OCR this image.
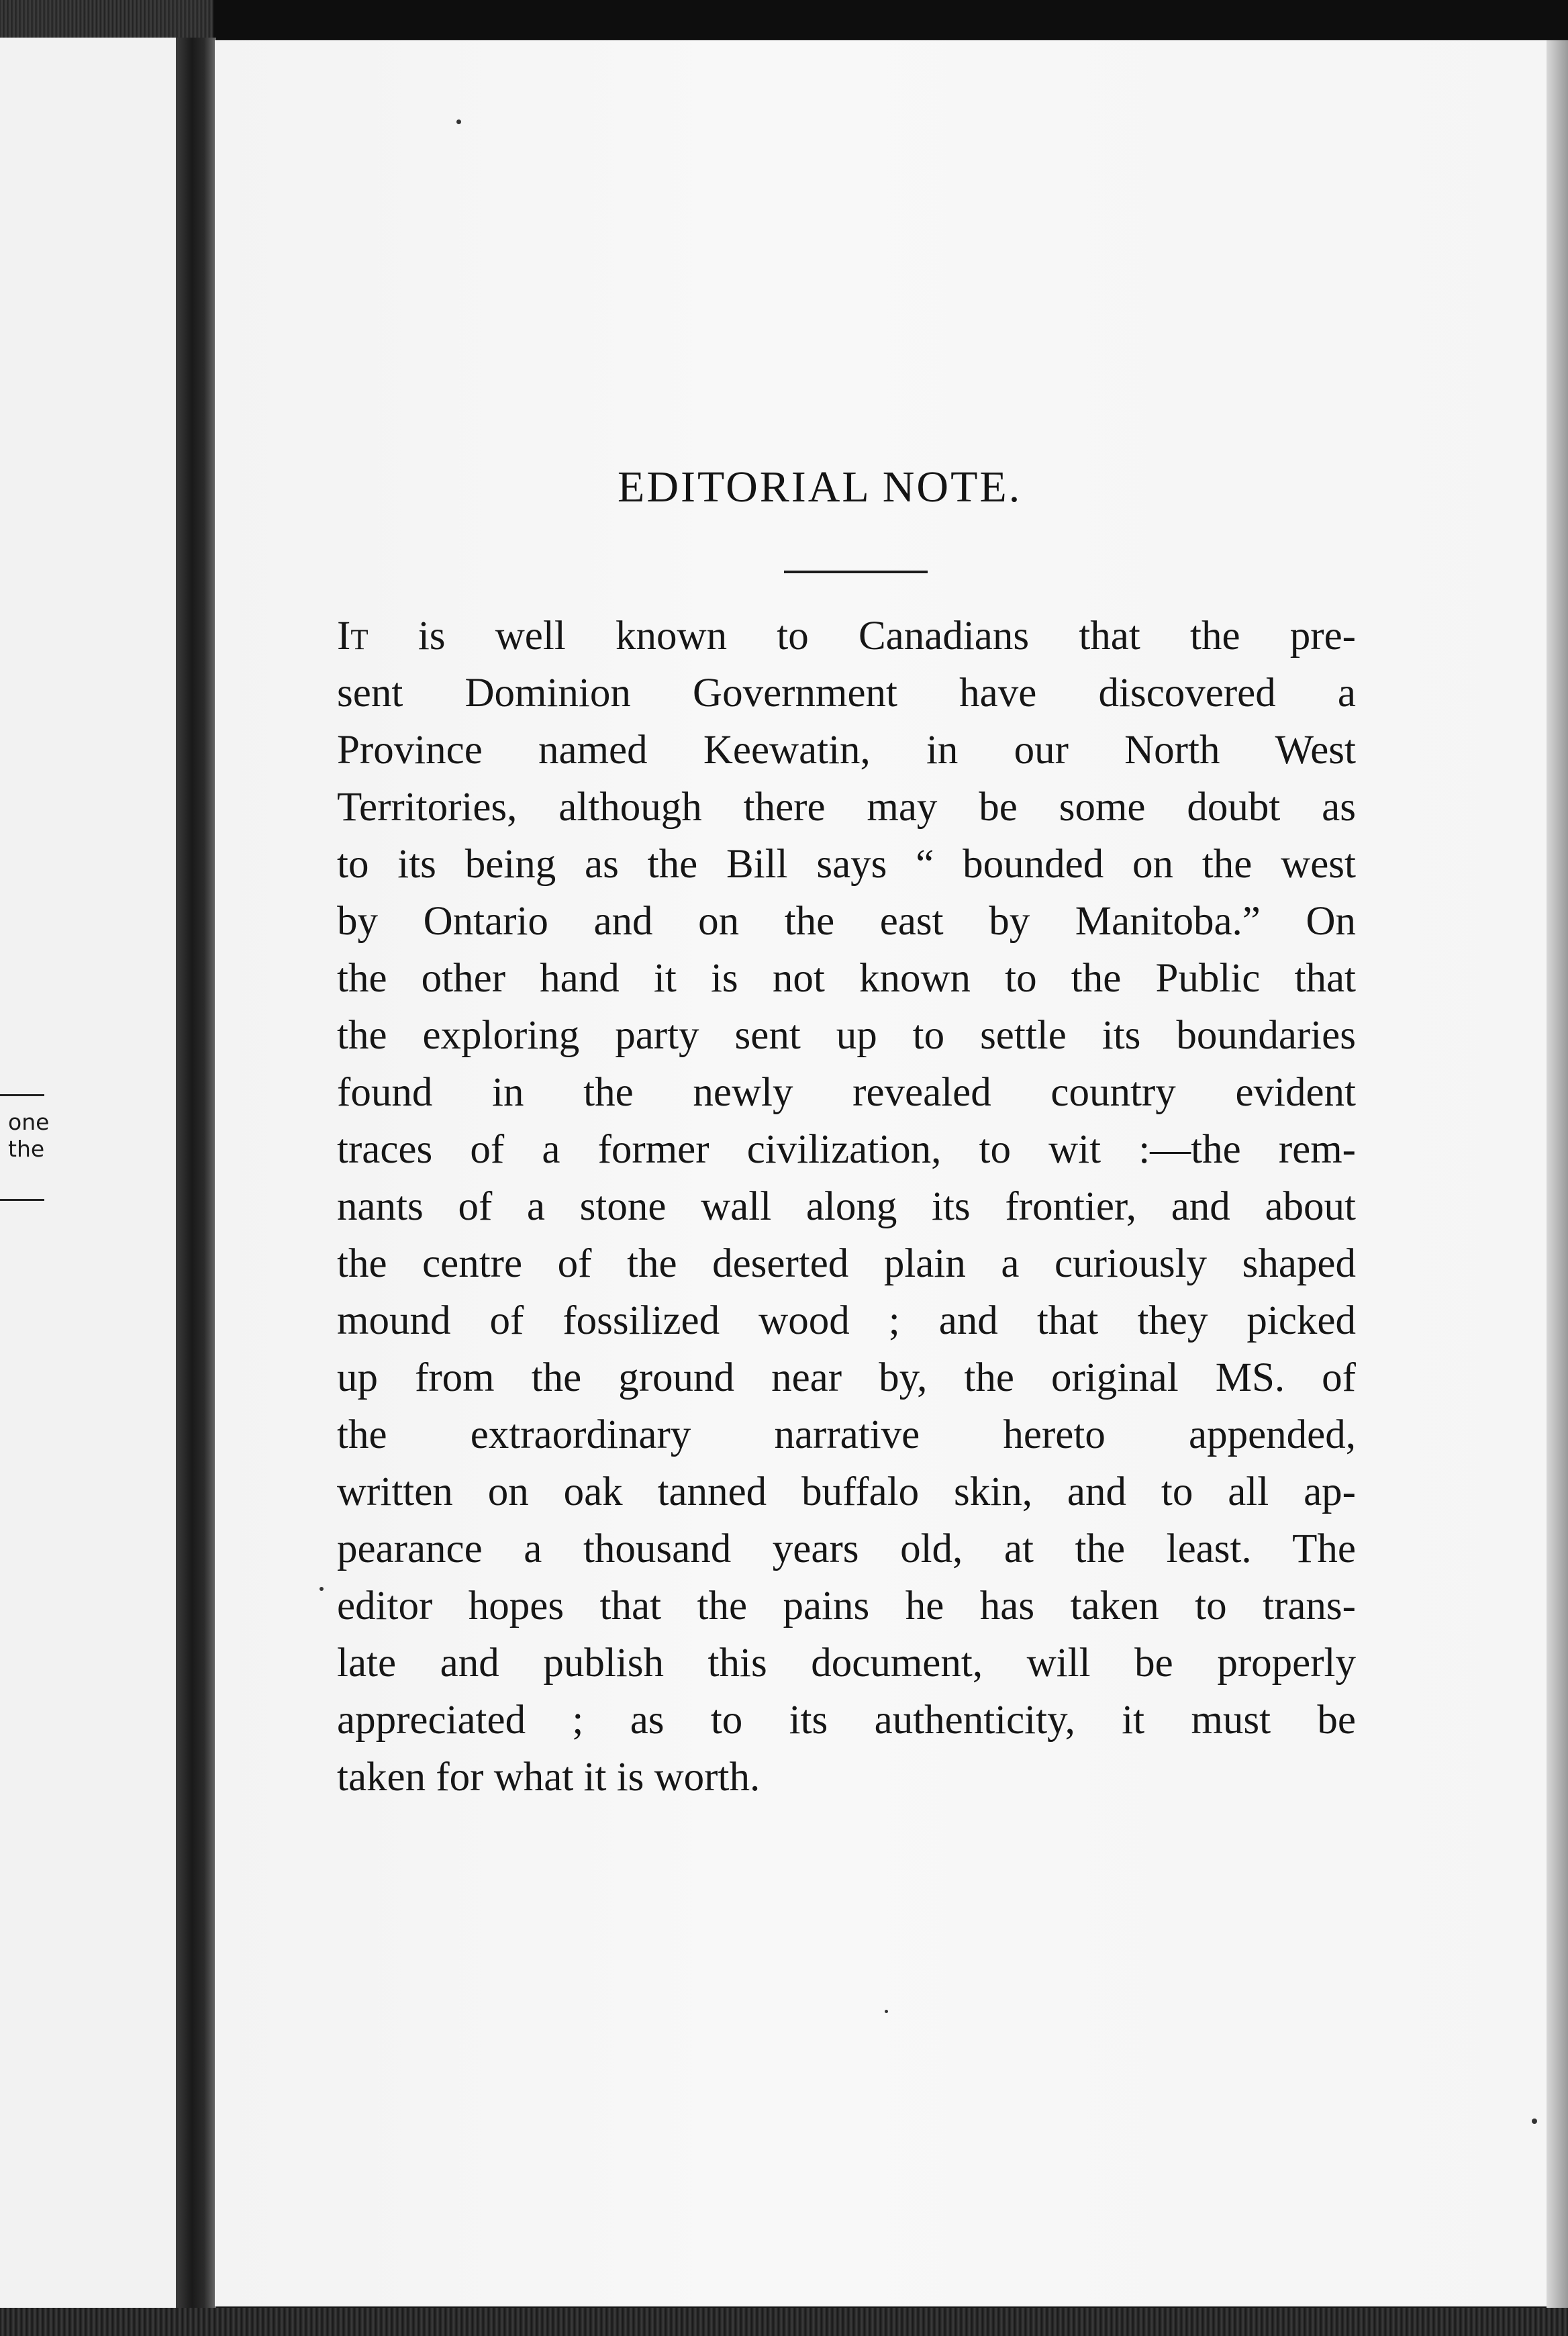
one
the
EDITORIAL NOTE.
It is well known to Canadians that the pre-
sent Dominion Government have discovered a
Province named Keewatin, in our North West
Territories, although there may be some doubt as
to its being as the Bill says “ bounded on the west
by Ontario and on the east by Manitoba.” On
the other hand it is not known to the Public that
the exploring party sent up to settle its boundaries
found in the newly revealed country evident
traces of a former civilization, to wit :—the rem-
nants of a stone wall along its frontier, and about
the centre of the deserted plain a curiously shaped
mound of fossilized wood ; and that they picked
up from the ground near by, the original MS. of
the extraordinary narrative hereto appended,
written on oak tanned buffalo skin, and to all ap-
pearance a thousand years old, at the least. The
editor hopes that the pains he has taken to trans-
late and publish this document, will be properly
appreciated ; as to its authenticity, it must be
taken for what it is worth.
